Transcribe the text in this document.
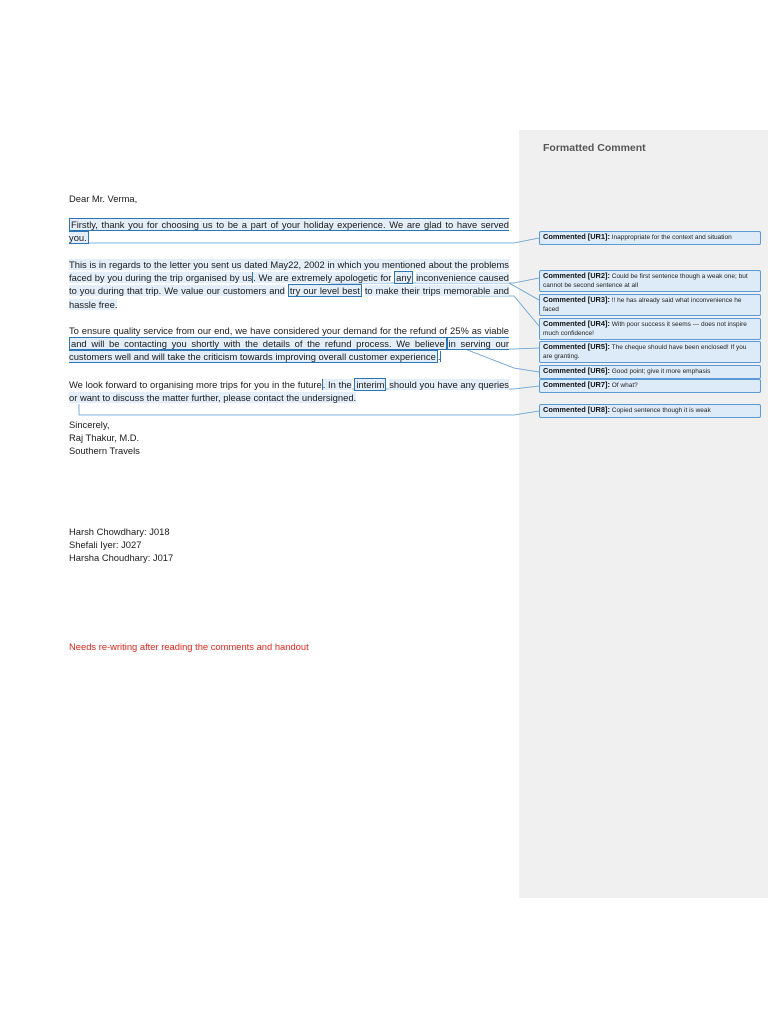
Formatted Comment
Dear Mr. Verma,
Firstly, thank you for choosing us to be a part of your holiday experience. We are glad to have served you.
This is in regards to the letter you sent us dated May22, 2002 in which you mentioned about the problems faced by you during the trip organised by us. We are extremely apologetic for any inconvenience caused to you during that trip. We value our customers and try our level best to make their trips memorable and hassle free.
To ensure quality service from our end, we have considered your demand for the refund of 25% as viable and will be contacting you shortly with the details of the refund process. We believe in serving our customers well and will take the criticism towards improving overall customer experience .
We look forward to organising more trips for you in the future. In the interim should you have any queries or want to discuss the matter further, please contact the undersigned.
Sincerely,
Raj Thakur, M.D.
Southern Travels
Harsh Chowdhary: J018
Shefali Iyer: J027
Harsha Choudhary: J017
Needs re-writing after reading the comments and handout
Commented [UR1]: Inappropriate for the context and situation
Commented [UR2]: Could be first sentence though a weak one; but cannot be second sentence at all
Commented [UR3]: !! he has already said what inconvenience he faced
Commented [UR4]: With poor success it seems --- does not inspire much confidence!
Commented [UR5]: The cheque should have been enclosed! If you are granting.
Commented [UR6]: Good point; give it more emphasis
Commented [UR7]: Of what?
Commented [UR8]: Copied sentence though it is weak
